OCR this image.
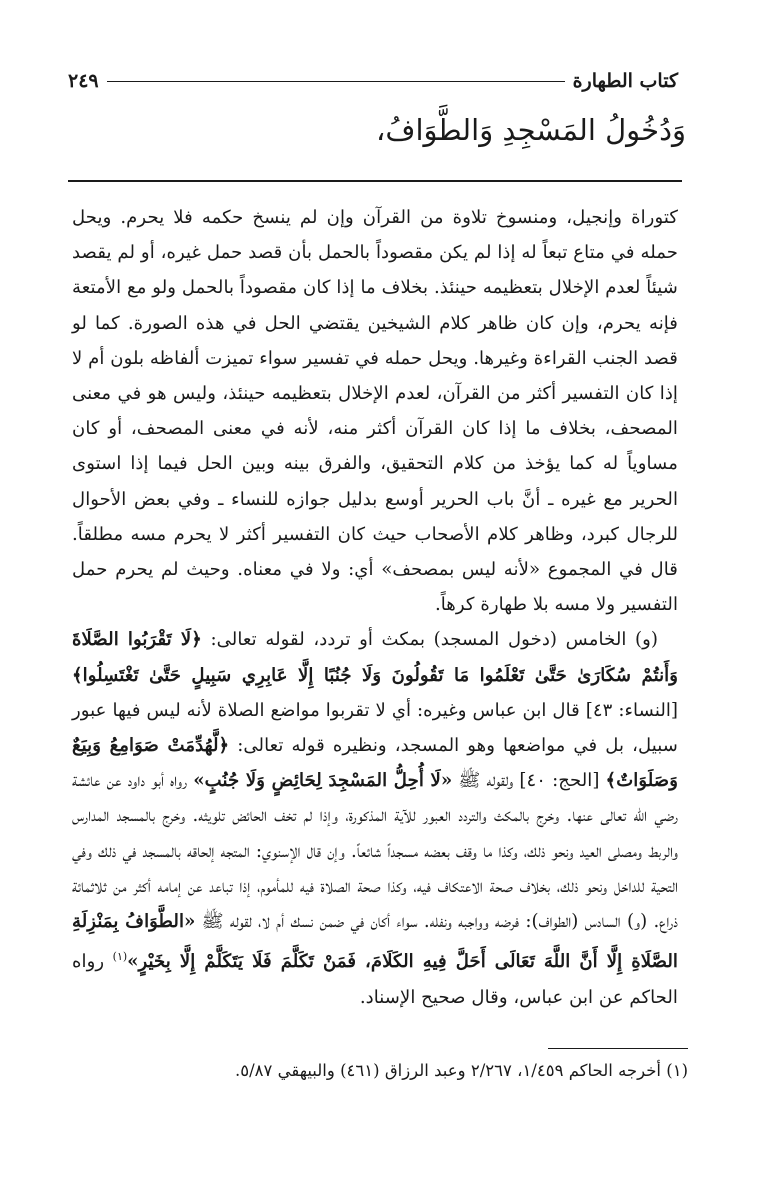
كتاب الطهارة
٢٤٩
وَدُخُولُ المَسْجِدِ وَالطَّوَافُ،

كتوراة وإنجيل، ومنسوخ تلاوة من القرآن وإن لم ينسخ حكمه فلا يحرم. ويحل حمله في متاع تبعاً له إذا لم يكن مقصوداً بالحمل بأن قصد حمل غيره، أو لم يقصد شيئاً لعدم الإخلال بتعظيمه حينئذ. بخلاف ما إذا كان مقصوداً بالحمل ولو مع الأمتعة فإنه يحرم، وإن كان ظاهر كلام الشيخين يقتضي الحل في هذه الصورة. كما لو قصد الجنب القراءة وغيرها. ويحل حمله في تفسير سواء تميزت ألفاظه بلون أم لا إذا كان التفسير أكثر من القرآن، لعدم الإخلال بتعظيمه حينئذ، وليس هو في معنى المصحف، بخلاف ما إذا كان القرآن أكثر منه، لأنه في معنى المصحف، أو كان مساوياً له كما يؤخذ من كلام التحقيق، والفرق بينه وبين الحل فيما إذا استوى الحرير مع غيره ـ أنَّ باب الحرير أوسع بدليل جوازه للنساء ـ وفي بعض الأحوال للرجال كبرد، وظاهر كلام الأصحاب حيث كان التفسير أكثر لا يحرم مسه مطلقاً. قال في المجموع «لأنه ليس بمصحف» أي: ولا في معناه. وحيث لم يحرم حمل التفسير ولا مسه بلا طهارة كرهاً.

(و) الخامس (دخول المسجد) بمكث أو تردد، لقوله تعالى: ﴿لَا تَقْرَبُوا الصَّلَاةَ وَأَنتُمْ سُكَارَىٰ حَتَّىٰ تَعْلَمُوا مَا تَقُولُونَ وَلَا جُنُبًا إِلَّا عَابِرِي سَبِيلٍ حَتَّىٰ تَغْتَسِلُوا﴾ [النساء: ٤٣] قال ابن عباس وغيره: أي لا تقربوا مواضع الصلاة لأنه ليس فيها عبور سبيل، بل في مواضعها وهو المسجد، ونظيره قوله تعالى: ﴿لَّهُدِّمَتْ صَوَامِعُ وَبِيَعٌ وَصَلَوَاتٌ﴾ [الحج: ٤٠] ولقوله ﷺ «لَا أُحِلُّ المَسْجِدَ لِحَائِضٍ وَلَا جُنُبٍ» رواه أبو داود عن عائشة رضي الله تعالى عنها. وخرج بالمكث والتردد العبور للآية المذكورة، وإذا لم تخف الحائض تلويثه. وخرج بالمسجد المدارس والربط ومصلى العيد ونحو ذلك، وكذا ما وقف بعضه مسجداً شائعاً. وإن قال الإسنوي: المتجه إلحاقه بالمسجد في ذلك وفي التحية للداخل ونحو ذلك، بخلاف صحة الاعتكاف فيه، وكذا صحة الصلاة فيه للمأموم، إذا تباعد عن إمامه أكثر من ثلاثمائة ذراع. (و) السادس (الطواف): فرضه وواجبه ونفله. سواء أكان في ضمن نسك أم لا، لقوله ﷺ «الطَّوَافُ بِمَنْزِلَةِ الصَّلَاةِ إِلَّا أَنَّ اللَّهَ تَعَالَى أَحَلَّ فِيهِ الكَلَامَ، فَمَنْ تَكَلَّمَ فَلَا يَتَكَلَّمْ إِلَّا بِخَيْرٍ»$^{(١)}$ رواه الحاكم عن ابن عباس، وقال صحيح الإسناد.

(١) أخرجه الحاكم ١/٤٥٩، ٢/٢٦٧ وعبد الرزاق (٤٦١) والبيهقي ٥/٨٧.
